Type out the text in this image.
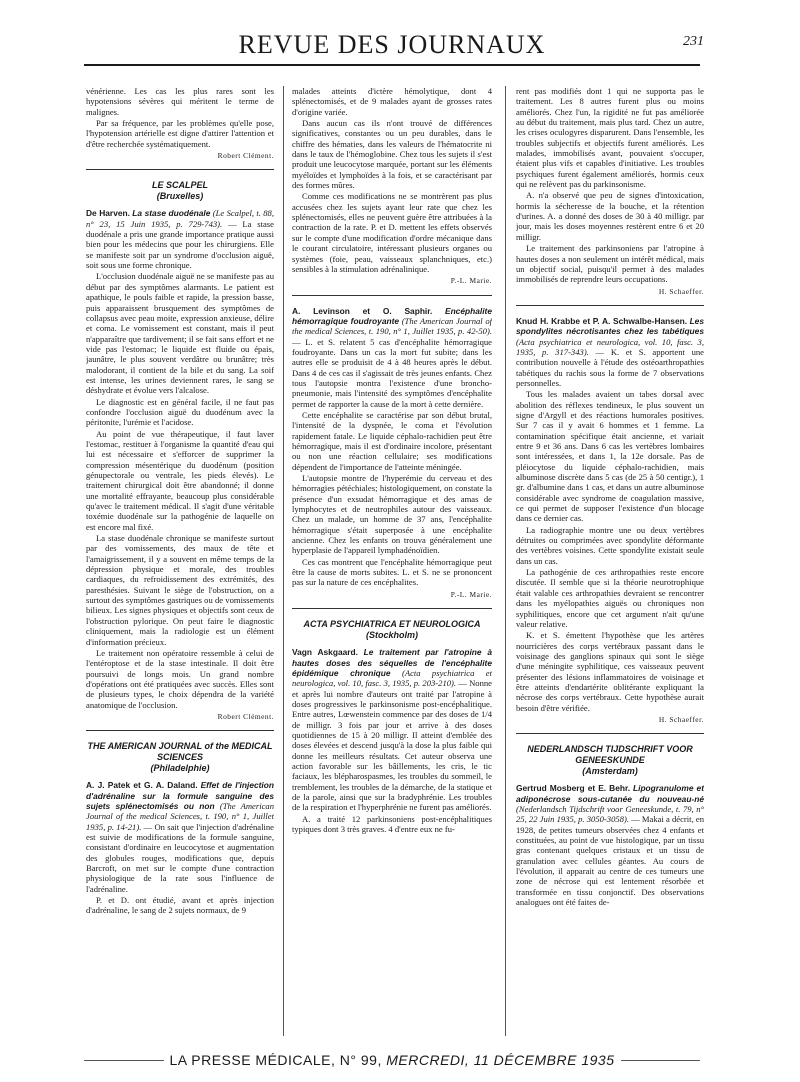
REVUE DES JOURNAUX	231

vénérienne. Les cas les plus rares sont les hypotensions sévères qui méritent le terme de malignes.

Par sa fréquence, par les problèmes qu'elle pose, l'hypotension artérielle est digne d'attirer l'attention et d'être recherchée systématiquement.

Robert Clément.

LE SCALPEL
(Bruxelles)

De Harven. La stase duodénale (Le Scalpel, t. 88, n° 23, 15 Juin 1935, p. 729-743). — La stase duodénale a pris une grande importance pratique aussi bien pour les médecins que pour les chirurgiens. Elle se manifeste soit par un syndrome d'occlusion aiguë, soit sous une forme chronique.

L'occlusion duodénale aiguë ne se manifeste pas au début par des symptômes alarmants. Le patient est apathique, le pouls faible et rapide, la pression basse, puis apparaissent brusquement des symptômes de collapsus avec peau moite, expression anxieuse, délire et coma. Le vomissement est constant, mais il peut n'apparaître que tardivement; il se fait sans effort et ne vide pas l'estomac; le liquide est fluide ou épais, jaunâtre, le plus souvent verdâtre ou brunâtre; très malodorant, il contient de la bile et du sang. La soif est intense, les urines deviennent rares, le sang se déshydrate et évolue vers l'alcalose.

Le diagnostic est en général facile, il ne faut pas confondre l'occlusion aiguë du duodénum avec la péritonite, l'urémie et l'acidose.

Au point de vue thérapeutique, il faut laver l'estomac, restituer à l'organisme la quantité d'eau qui lui est nécessaire et s'efforcer de supprimer la compression mésentérique du duodénum (position génupectorale ou ventrale, les pieds élevés). Le traitement chirurgical doit être abandonné; il donne une mortalité effrayante, beaucoup plus considérable qu'avec le traitement médical. Il s'agit d'une véritable toxémie duodénale sur la pathogénie de laquelle on est encore mal fixé.

La stase duodénale chronique se manifeste surtout par des vomissements, des maux de tête et l'amaigrissement, il y a souvent en même temps de la dépression physique et morale, des troubles cardiaques, du refroidissement des extrémités, des paresthésies. Suivant le siège de l'obstruction, on a surtout des symptômes gastriques ou de vomissements bilieux. Les signes physiques et objectifs sont ceux de l'obstruction pylorique. On peut faire le diagnostic cliniquement, mais la radiologie est un élément d'information précieux.

Le traitement non opératoire ressemble à celui de l'entéroptose et de la stase intestinale. Il doit être poursuivi de longs mois. Un grand nombre d'opérations ont été pratiquées avec succès. Elles sont de plusieurs types, le choix dépendra de la variété anatomique de l'occlusion.

Robert Clément.

THE AMERICAN JOURNAL of the MEDICAL SCIENCES
(Philadelphie)

A. J. Patek et G. A. Daland. Effet de l'injection d'adrénaline sur la formule sanguine des sujets splénectomisés ou non (The American Journal of the medical Sciences, t. 190, n° 1, Juillet 1935, p. 14-21). — On sait que l'injection d'adrénaline est suivie de modifications de la formule sanguine, consistant d'ordinaire en leucocytose et augmentation des globules rouges, modifications que, depuis Barcroft, on met sur le compte d'une contraction physiologique de la rate sous l'influence de l'adrénaline.

P. et D. ont étudié, avant et après injection d'adrénaline, le sang de 2 sujets normaux, de 9

malades atteints d'ictère hémolytique, dont 4 splénectomisés, et de 9 malades ayant de grosses rates d'origine variée.

Dans aucun cas ils n'ont trouvé de différences significatives, constantes ou un peu durables, dans le chiffre des hématies, dans les valeurs de l'hématocrite ni dans le taux de l'hémoglobine. Chez tous les sujets il s'est produit une leucocytose marquée, portant sur les éléments myéloïdes et lymphoïdes à la fois, et se caractérisant par des formes mûres.

Comme ces modifications ne se montrèrent pas plus accusées chez les sujets ayant leur rate que chez les splénectomisés, elles ne peuvent guère être attribuées à la contraction de la rate. P. et D. mettent les effets observés sur le compte d'une modification d'ordre mécanique dans le courant circulatoire, intéressant plusieurs organes ou systèmes (foie, peau, vaisseaux splanchniques, etc.) sensibles à la stimulation adrénalinique.

P.-L. Marie.

A. Levinson et O. Saphir. Encéphalite hémorragique foudroyante (The American Journal of the medical Sciences, t. 190, n° 1, Juillet 1935, p. 42-50). — L. et S. relatent 5 cas d'encéphalite hémorragique foudroyante. Dans un cas la mort fut subite; dans les autres elle se produisit de 4 à 48 heures après le début. Dans 4 de ces cas il s'agissait de très jeunes enfants. Chez tous l'autopsie montra l'existence d'une broncho-pneumonie, mais l'intensité des symptômes d'encéphalite permet de rapporter la cause de la mort à cette dernière.

Cette encéphalite se caractérise par son début brutal, l'intensité de la dyspnée, le coma et l'évolution rapidement fatale. Le liquide céphalo-rachidien peut être hémorragique, mais il est d'ordinaire incolore, présentant ou non une réaction cellulaire; ses modifications dépendent de l'importance de l'atteinte méningée.

L'autopsie montre de l'hyperémie du cerveau et des hémorragies pétéchiales; histologiquement, on constate la présence d'un exsudat hémorragique et des amas de lymphocytes et de neutrophiles autour des vaisseaux. Chez un malade, un homme de 37 ans, l'encéphalite hémorragique s'était superposée à une encéphalite ancienne. Chez les enfants on trouva généralement une hyperplasie de l'appareil lymphadénoïdien.

Ces cas montrent que l'encéphalite hémorragique peut être la cause de morts subites. L. et S. ne se prononcent pas sur la nature de ces encéphalites.

P.-L. Marie.

ACTA PSYCHIATRICA ET NEUROLOGICA
(Stockholm)

Vagn Askgaard. Le traitement par l'atropine à hautes doses des séquelles de l'encéphalite épidémique chronique (Acta psychiatrica et neurologica, vol. 10, fasc. 3, 1935, p. 203-210). — Nonne et après lui nombre d'auteurs ont traité par l'atropine à doses progressives le parkinsonisme post-encéphalitique. Entre autres, Lœwenstein commence par des doses de 1/4 de milligr. 3 fois par jour et arrive à des doses quotidiennes de 15 à 20 milligr. Il atteint d'emblée des doses élevées et descend jusqu'à la dose la plus faible qui donne les meilleurs résultats. Cet auteur observa une action favorable sur les bâillements, les cris, le tic faciaux, les blépharospasmes, les troubles du sommeil, le tremblement, les troubles de la démarche, de la statique et de la parole, ainsi que sur la bradyphrénie. Les troubles de la respiration et l'hyperphrénie ne furent pas améliorés.

A. a traité 12 parkinsoniens post-encéphalitiques typiques dont 3 très graves. 4 d'entre eux ne fu-

rent pas modifiés dont 1 qui ne supporta pas le traitement. Les 8 autres furent plus ou moins améliorés. Chez l'un, la rigidité ne fut pas améliorée au début du traitement, mais plus tard. Chez un autre, les crises oculogyres disparurent. Dans l'ensemble, les troubles subjectifs et objectifs furent améliorés. Les malades, immobilisés avant, pouvaient s'occuper, étaient plus vifs et capables d'initiative. Les troubles psychiques furent également améliorés, hormis ceux qui ne relèvent pas du parkinsonisme.

A. n'a observé que peu de signes d'intoxication, hormis la sécheresse de la bouche, et la rétention d'urines. A. a donné des doses de 30 à 40 milligr. par jour, mais les doses moyennes restèrent entre 6 et 20 milligr.

Le traitement des parkinsoniens par l'atropine à hautes doses a non seulement un intérêt médical, mais un objectif social, puisqu'il permet à des malades immobilisés de reprendre leurs occupations.

H. Schaeffer.

Knud H. Krabbe et P. A. Schwalbe-Hansen. Les spondylites nécrotisantes chez les tabétiques (Acta psychiatrica et neurologica, vol. 10, fasc. 3, 1935, p. 317-343). — K. et S. apportent une contribution nouvelle à l'étude des ostéoarthropathies tabétiques du rachis sous la forme de 7 observations personnelles.

Tous les malades avaient un tabes dorsal avec abolition des réflexes tendineux, le plus souvent un signe d'Argyll et des réactions humorales positives. Sur 7 cas il y avait 6 hommes et 1 femme. La contamination spécifique était ancienne, et variait entre 9 et 36 ans. Dans 6 cas les vertèbres lombaires sont intéressées, et dans 1, la 12e dorsale. Pas de pléiocytose du liquide céphalo-rachidien, mais albuminose discrète dans 5 cas (de 25 à 50 centigr.), 1 gr. d'albumine dans 1 cas, et dans un autre albuminose considérable avec syndrome de coagulation massive, ce qui permet de supposer l'existence d'un blocage dans ce dernier cas.

La radiographie montre une ou deux vertèbres détruites ou comprimées avec spondylite déformante des vertèbres voisines. Cette spondylite existait seule dans un cas.

La pathogénie de ces arthropathies reste encore discutée. Il semble que si la théorie neurotrophique était valable ces arthropathies devraient se rencontrer dans les myélopathies aiguës ou chroniques non syphilitiques, encore que cet argument n'ait qu'une valeur relative.

K. et S. émettent l'hypothèse que les artères nourricières des corps vertébraux passant dans le voisinage des ganglions spinaux qui sont le siège d'une méningite syphilitique, ces vaisseaux peuvent présenter des lésions inflammatoires de voisinage et être atteints d'endartérite oblitérante expliquant la nécrose des corps vertébraux. Cette hypothèse aurait besoin d'être vérifiée.

H. Schaeffer.

NEDERLANDSCH TIJDSCHRIFT VOOR GENEESKUNDE
(Amsterdam)

Gertrud Mosberg et E. Behr. Lipogranulome et adiponécrose sous-cutanée du nouveau-né (Nederlandsch Tijdschrift voor Geneeskunde, t. 79, n° 25, 22 Juin 1935, p. 3050-3058). — Makai a décrit, en 1928, de petites tumeurs observées chez 4 enfants et constituées, au point de vue histologique, par un tissu gras contenant quelques cristaux et un tissu de granulation avec cellules géantes. Au cours de l'évolution, il apparait au centre de ces tumeurs une zone de nécrose qui est lentement résorbée et transformée en tissu conjonctif. Des observations analogues ont été faites de-

LA PRESSE MÉDICALE, N° 99, MERCREDI, 11 DÉCEMBRE 1935
